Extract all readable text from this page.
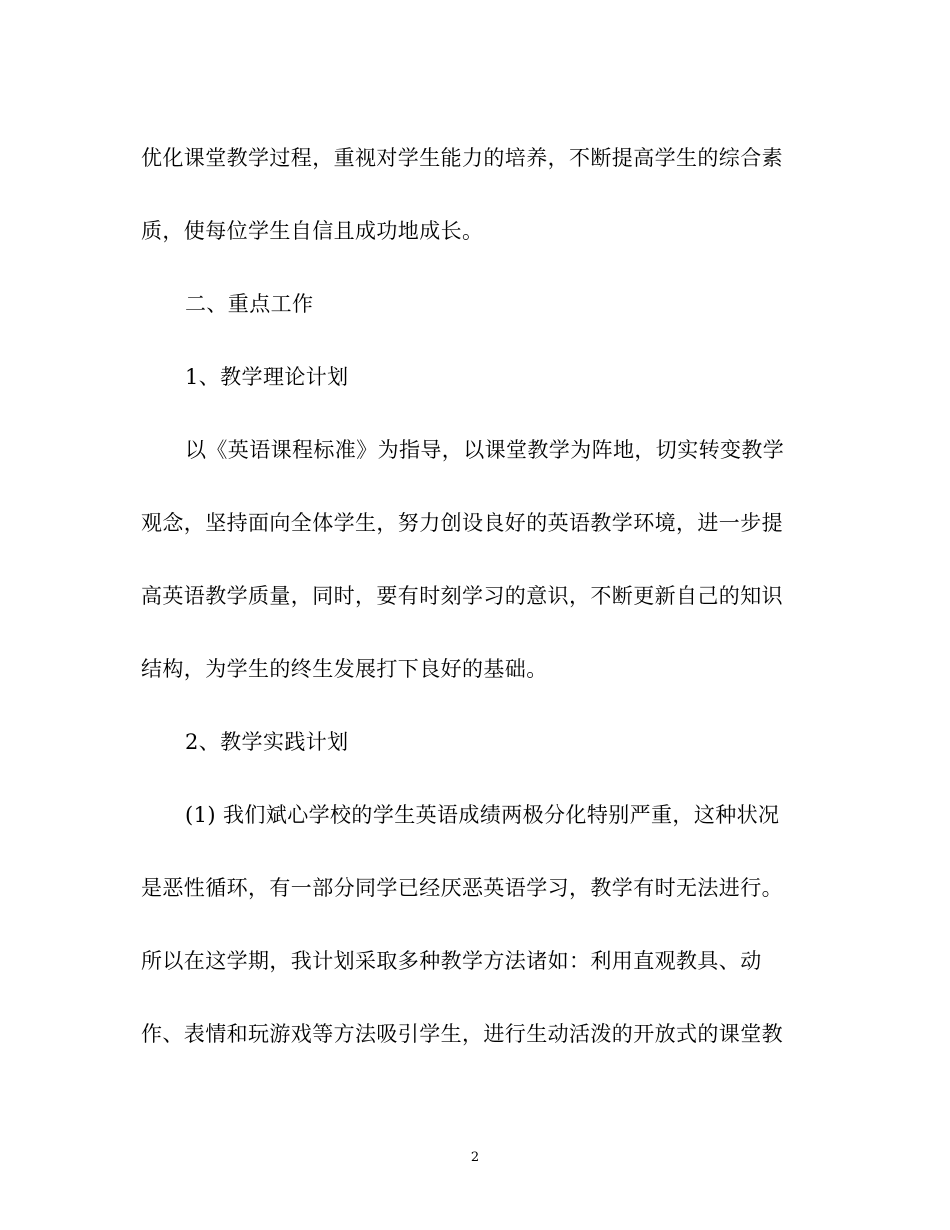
优化课堂教学过程，重视对学生能力的培养，不断提高学生的综合素
质，使每位学生自信且成功地成长。
二、重点工作
1、教学理论计划
以《英语课程标准》为指导，以课堂教学为阵地，切实转变教学
观念，坚持面向全体学生，努力创设良好的英语教学环境，进一步提
高英语教学质量，同时，要有时刻学习的意识，不断更新自己的知识
结构，为学生的终生发展打下良好的基础。
2、教学实践计划
(1) 我们斌心学校的学生英语成绩两极分化特别严重，这种状况
是恶性循环，有一部分同学已经厌恶英语学习，教学有时无法进行。
所以在这学期，我计划采取多种教学方法诸如：利用直观教具、动
作、表情和玩游戏等方法吸引学生，进行生动活泼的开放式的课堂教
2
